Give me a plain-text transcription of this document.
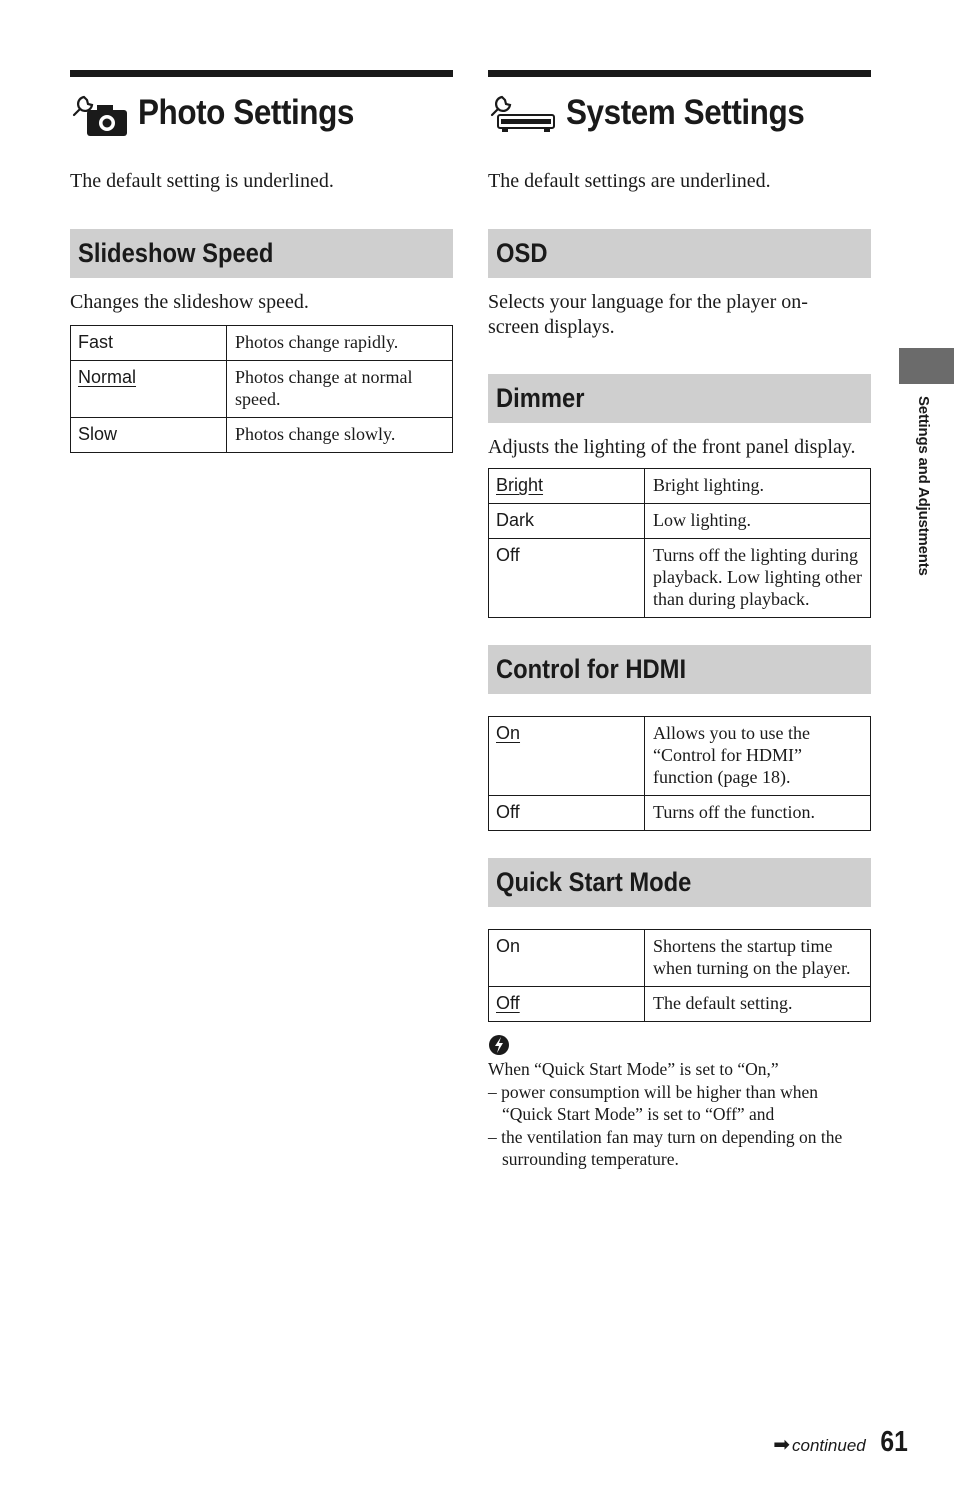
Photo Settings
The default setting is underlined.
Slideshow Speed
Changes the slideshow speed.
Fast	Photos change rapidly.
Normal	Photos change at normal speed.
Slow	Photos change slowly.
System Settings
The default settings are underlined.
OSD
Selects your language for the player on-screen displays.
Dimmer
Adjusts the lighting of the front panel display.
Bright	Bright lighting.
Dark	Low lighting.
Off	Turns off the lighting during playback. Low lighting other than during playback.
Control for HDMI
On	Allows you to use the “Control for HDMI” function (page 18).
Off	Turns off the function.
Quick Start Mode
On	Shortens the startup time when turning on the player.
Off	The default setting.
When “Quick Start Mode” is set to “On,”
– power consumption will be higher than when “Quick Start Mode” is set to “Off” and
– the ventilation fan may turn on depending on the surrounding temperature.
Settings and Adjustments
➡ continued 61
